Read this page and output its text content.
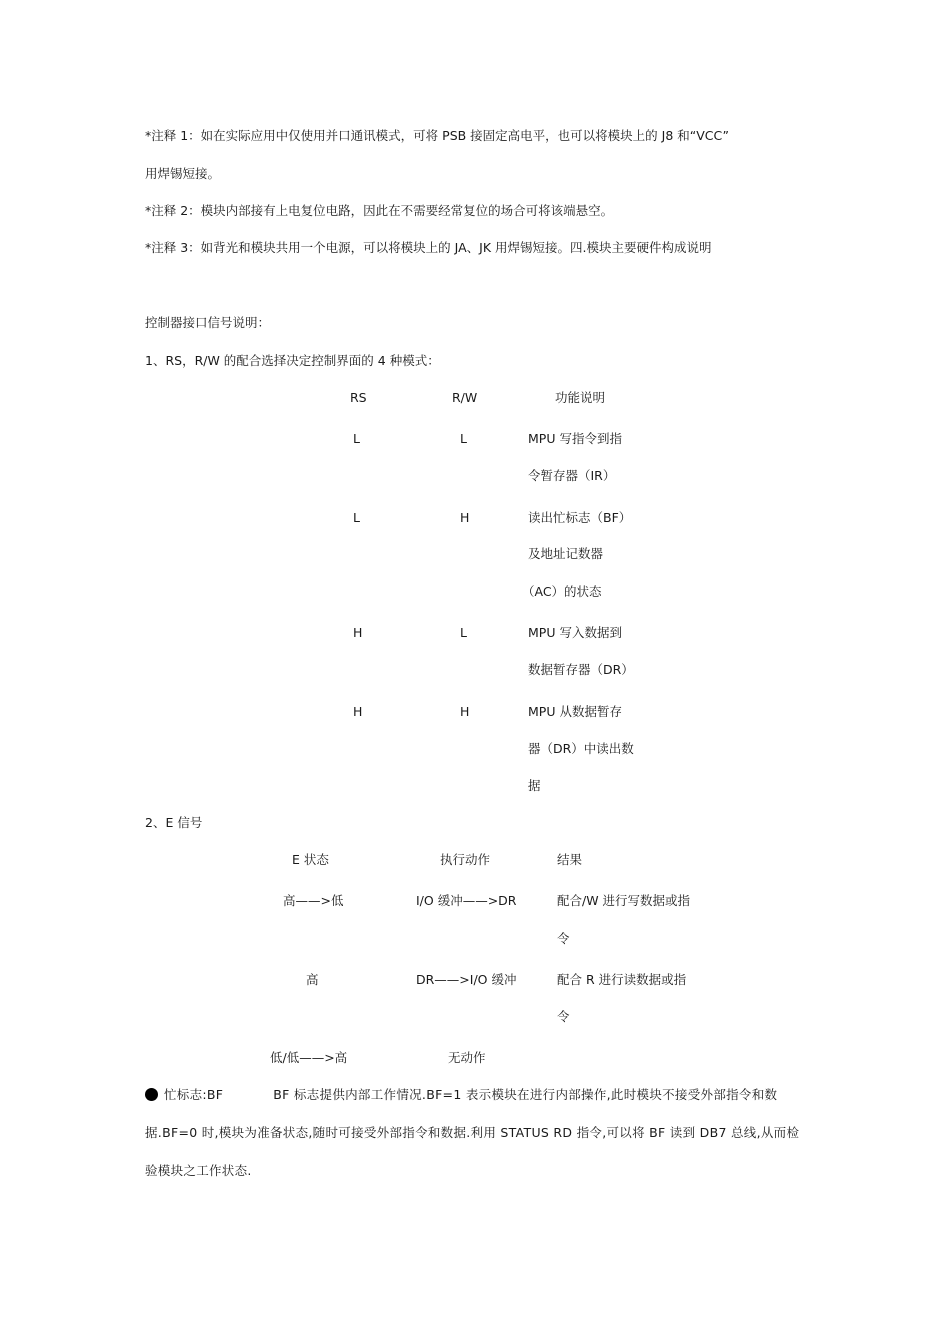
*注释 1：如在实际应用中仅使用并口通讯模式，可将 PSB 接固定高电平，也可以将模块上的 J8 和“VCC”
用焊锡短接。
*注释 2：模块内部接有上电复位电路，因此在不需要经常复位的场合可将该端悬空。
*注释 3：如背光和模块共用一个电源，可以将模块上的 JA、JK 用焊锡短接。四.模块主要硬件构成说明
控制器接口信号说明：
1、RS，R/W 的配合选择决定控制界面的 4 种模式：
RS	R/W	功能说明
L	L	MPU 写指令到指
令暂存器（IR）
L	H	读出忙标志（BF）
及地址记数器
（AC）的状态
H	L	MPU 写入数据到
数据暂存器（DR）
H	H	MPU 从数据暂存
器（DR）中读出数
据
2、E 信号
E 状态	执行动作	结果
高——>低	I/O 缓冲——>DR	配合/W 进行写数据或指
令
高	DR——>I/O 缓冲	配合 R 进行读数据或指
令
低/低——>高	无动作
忙标志:BF	BF 标志提供内部工作情况.BF=1 表示模块在进行内部操作,此时模块不接受外部指令和数据.BF=0 时,模块为准备状态,随时可接受外部指令和数据.利用 STATUS RD 指令,可以将 BF 读到 DB7 总线,从而检验模块之工作状态.
